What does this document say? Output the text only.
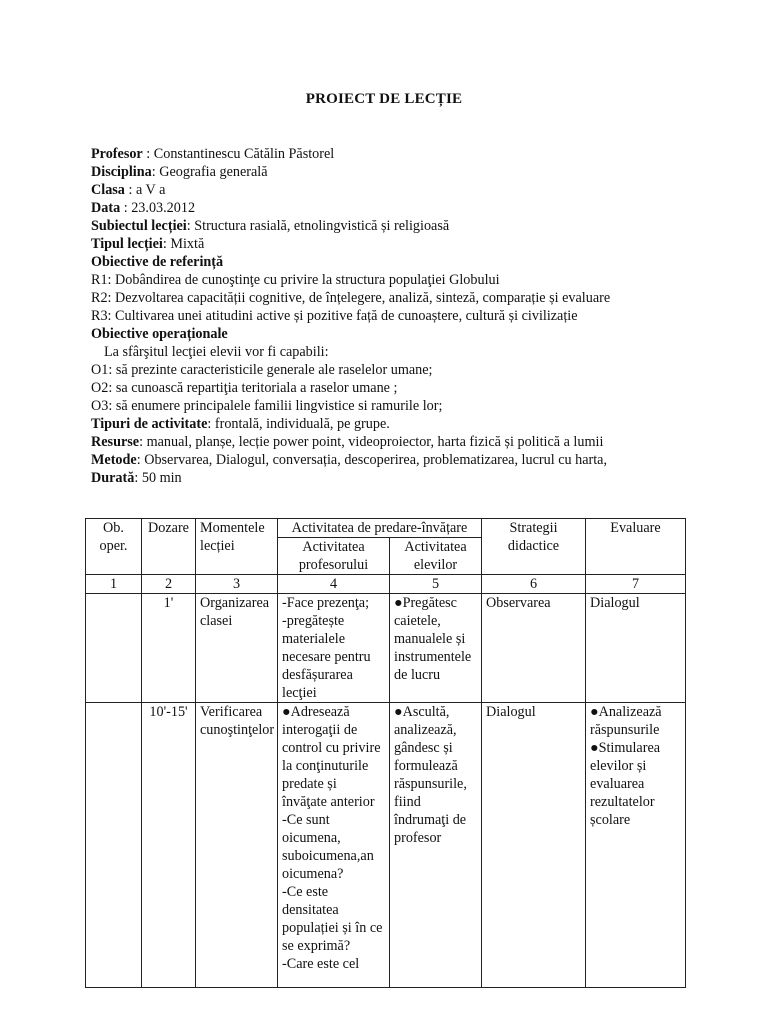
PROIECT DE LECȚIE
Profesor : Constantinescu Cătălin Păstorel
Disciplina: Geografia generală
Clasa : a V a
Data : 23.03.2012
Subiectul lecției: Structura rasială, etnolingvistică și religioasă
Tipul lecției: Mixtă
Obiective de referință
R1: Dobândirea de cunoştinţe cu privire la structura populaţiei Globului
R2: Dezvoltarea capacității cognitive, de înțelegere, analiză, sinteză, comparație și evaluare
R3: Cultivarea unei atitudini active și pozitive față de cunoaștere, cultură și civilizație
Obiective operaționale
La sfârşitul lecţiei elevii vor fi capabili:
O1: să prezinte caracteristicile generale ale raselelor umane;
O2: sa cunoască repartiţia teritoriala a raselor umane ;
O3: să enumere principalele familii lingvistice si ramurile lor;
Tipuri de activitate: frontală, individuală, pe grupe.
Resurse: manual, planșe, lecție power point, videoproiector, harta fizică și politică a lumii
Metode: Observarea, Dialogul, conversația, descoperirea, problematizarea, lucrul cu harta,
Durată: 50 min
Ob. oper.	Dozare	Momentele lecției	Activitatea de predare-învățare		Strategii didactice	Evaluare
			Activitatea profesorului	Activitatea elevilor		
1	2	3	4	5	6	7
	1'	Organizarea clasei	-Face prezenţa;
-pregătește materialele necesare pentru desfășurarea lecţiei	●Pregătesc caietele, manualele și instrumentele de lucru	Observarea	Dialogul
	10'-15'	Verificarea cunoştinţelor	●Adresează interogaţii de control cu privire la conţinuturile predate și învăţate anterior
-Ce sunt oicumena, suboicumena,an oicumena?
-Ce este densitatea populației și în ce se exprimă?
-Care este cel	●Ascultă, analizează, gândesc și formulează răspunsurile, fiind îndrumaţi de profesor	Dialogul	●Analizează răspunsurile
●Stimularea elevilor și evaluarea rezultatelor școlare
